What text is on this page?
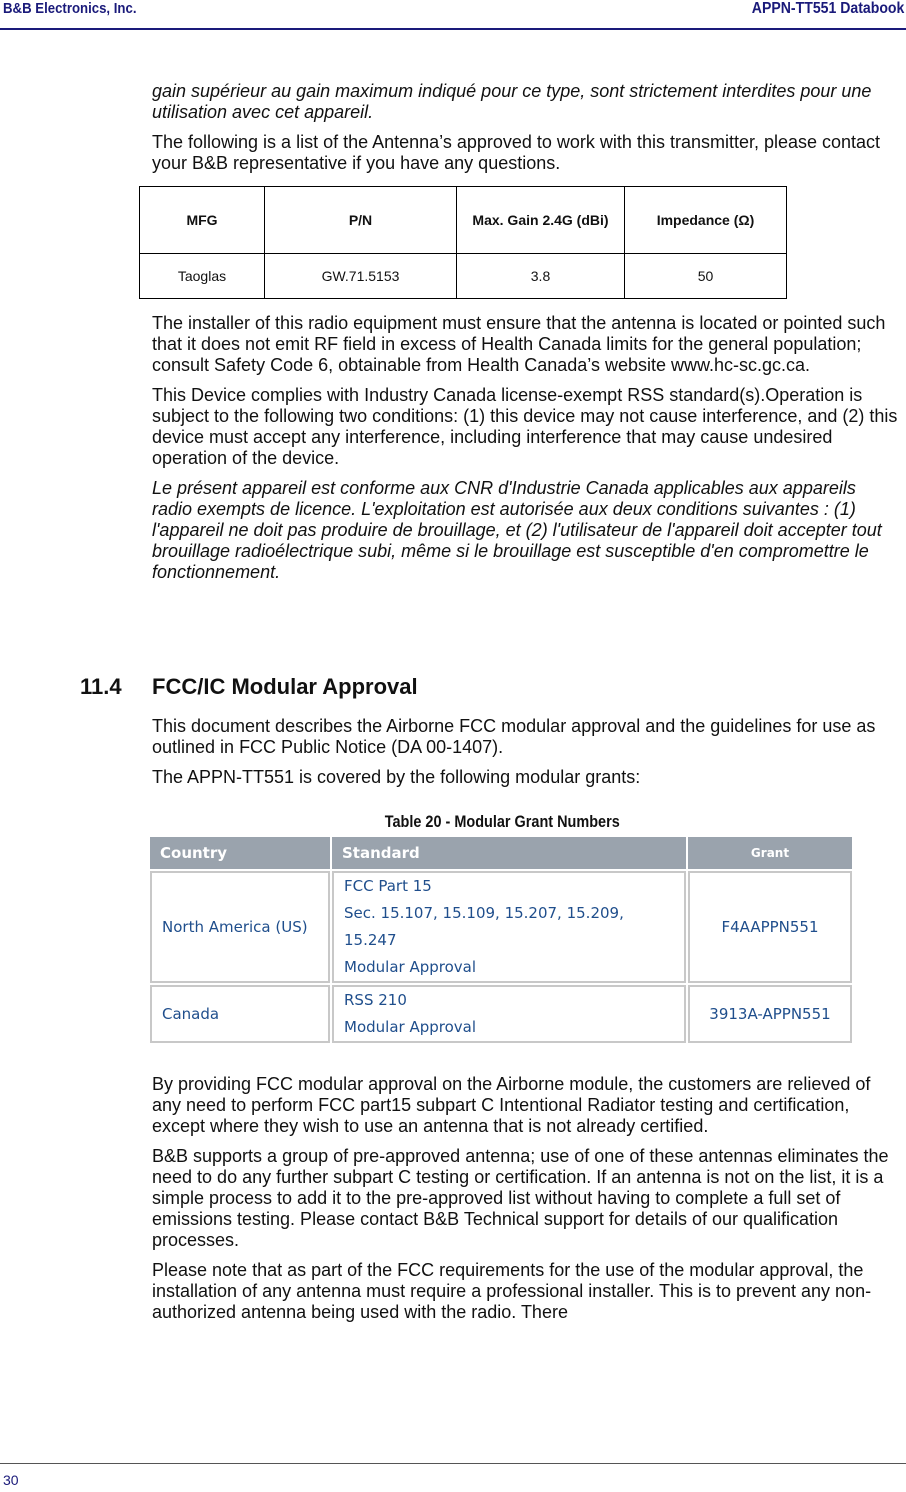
B&B Electronics, Inc.	APPN-TT551 Databook

gain supérieur au gain maximum indiqué pour ce type, sont strictement interdites pour une utilisation avec cet appareil.

The following is a list of the Antenna’s approved to work with this transmitter, please contact your B&B representative if you have any questions.

MFG	P/N	Max. Gain 2.4G (dBi)	Impedance (Ω)
Taoglas	GW.71.5153	3.8	50

The installer of this radio equipment must ensure that the antenna is located or pointed such that it does not emit RF field in excess of Health Canada limits for the general population; consult Safety Code 6, obtainable from Health Canada’s website www.hc-sc.gc.ca.

This Device complies with Industry Canada license-exempt RSS standard(s).Operation is subject to the following two conditions: (1) this device may not cause interference, and (2) this device must accept any interference, including interference that may cause undesired operation of the device.

Le présent appareil est conforme aux CNR d'Industrie Canada applicables aux appareils radio exempts de licence. L'exploitation est autorisée aux deux conditions suivantes : (1) l'appareil ne doit pas produire de brouillage, et (2) l'utilisateur de l'appareil doit accepter tout brouillage radioélectrique subi, même si le brouillage est susceptible d'en compromettre le fonctionnement.

11.4 FCC/IC Modular Approval

This document describes the Airborne FCC modular approval and the guidelines for use as outlined in FCC Public Notice (DA 00-1407).

The APPN-TT551 is covered by the following modular grants:

Table 20 - Modular Grant Numbers
Country	Standard	Grant
North America (US)	FCC Part 15
Sec. 15.107, 15.109, 15.207, 15.209, 15.247
Modular Approval	F4AAPPN551
Canada	RSS 210
Modular Approval	3913A-APPN551

By providing FCC modular approval on the Airborne module, the customers are relieved of any need to perform FCC part15 subpart C Intentional Radiator testing and certification, except where they wish to use an antenna that is not already certified.

B&B supports a group of pre-approved antenna; use of one of these antennas eliminates the need to do any further subpart C testing or certification. If an antenna is not on the list, it is a simple process to add it to the pre-approved list without having to complete a full set of emissions testing. Please contact B&B Technical support for details of our qualification processes.

Please note that as part of the FCC requirements for the use of the modular approval, the installation of any antenna must require a professional installer. This is to prevent any non-authorized antenna being used with the radio. There

30
